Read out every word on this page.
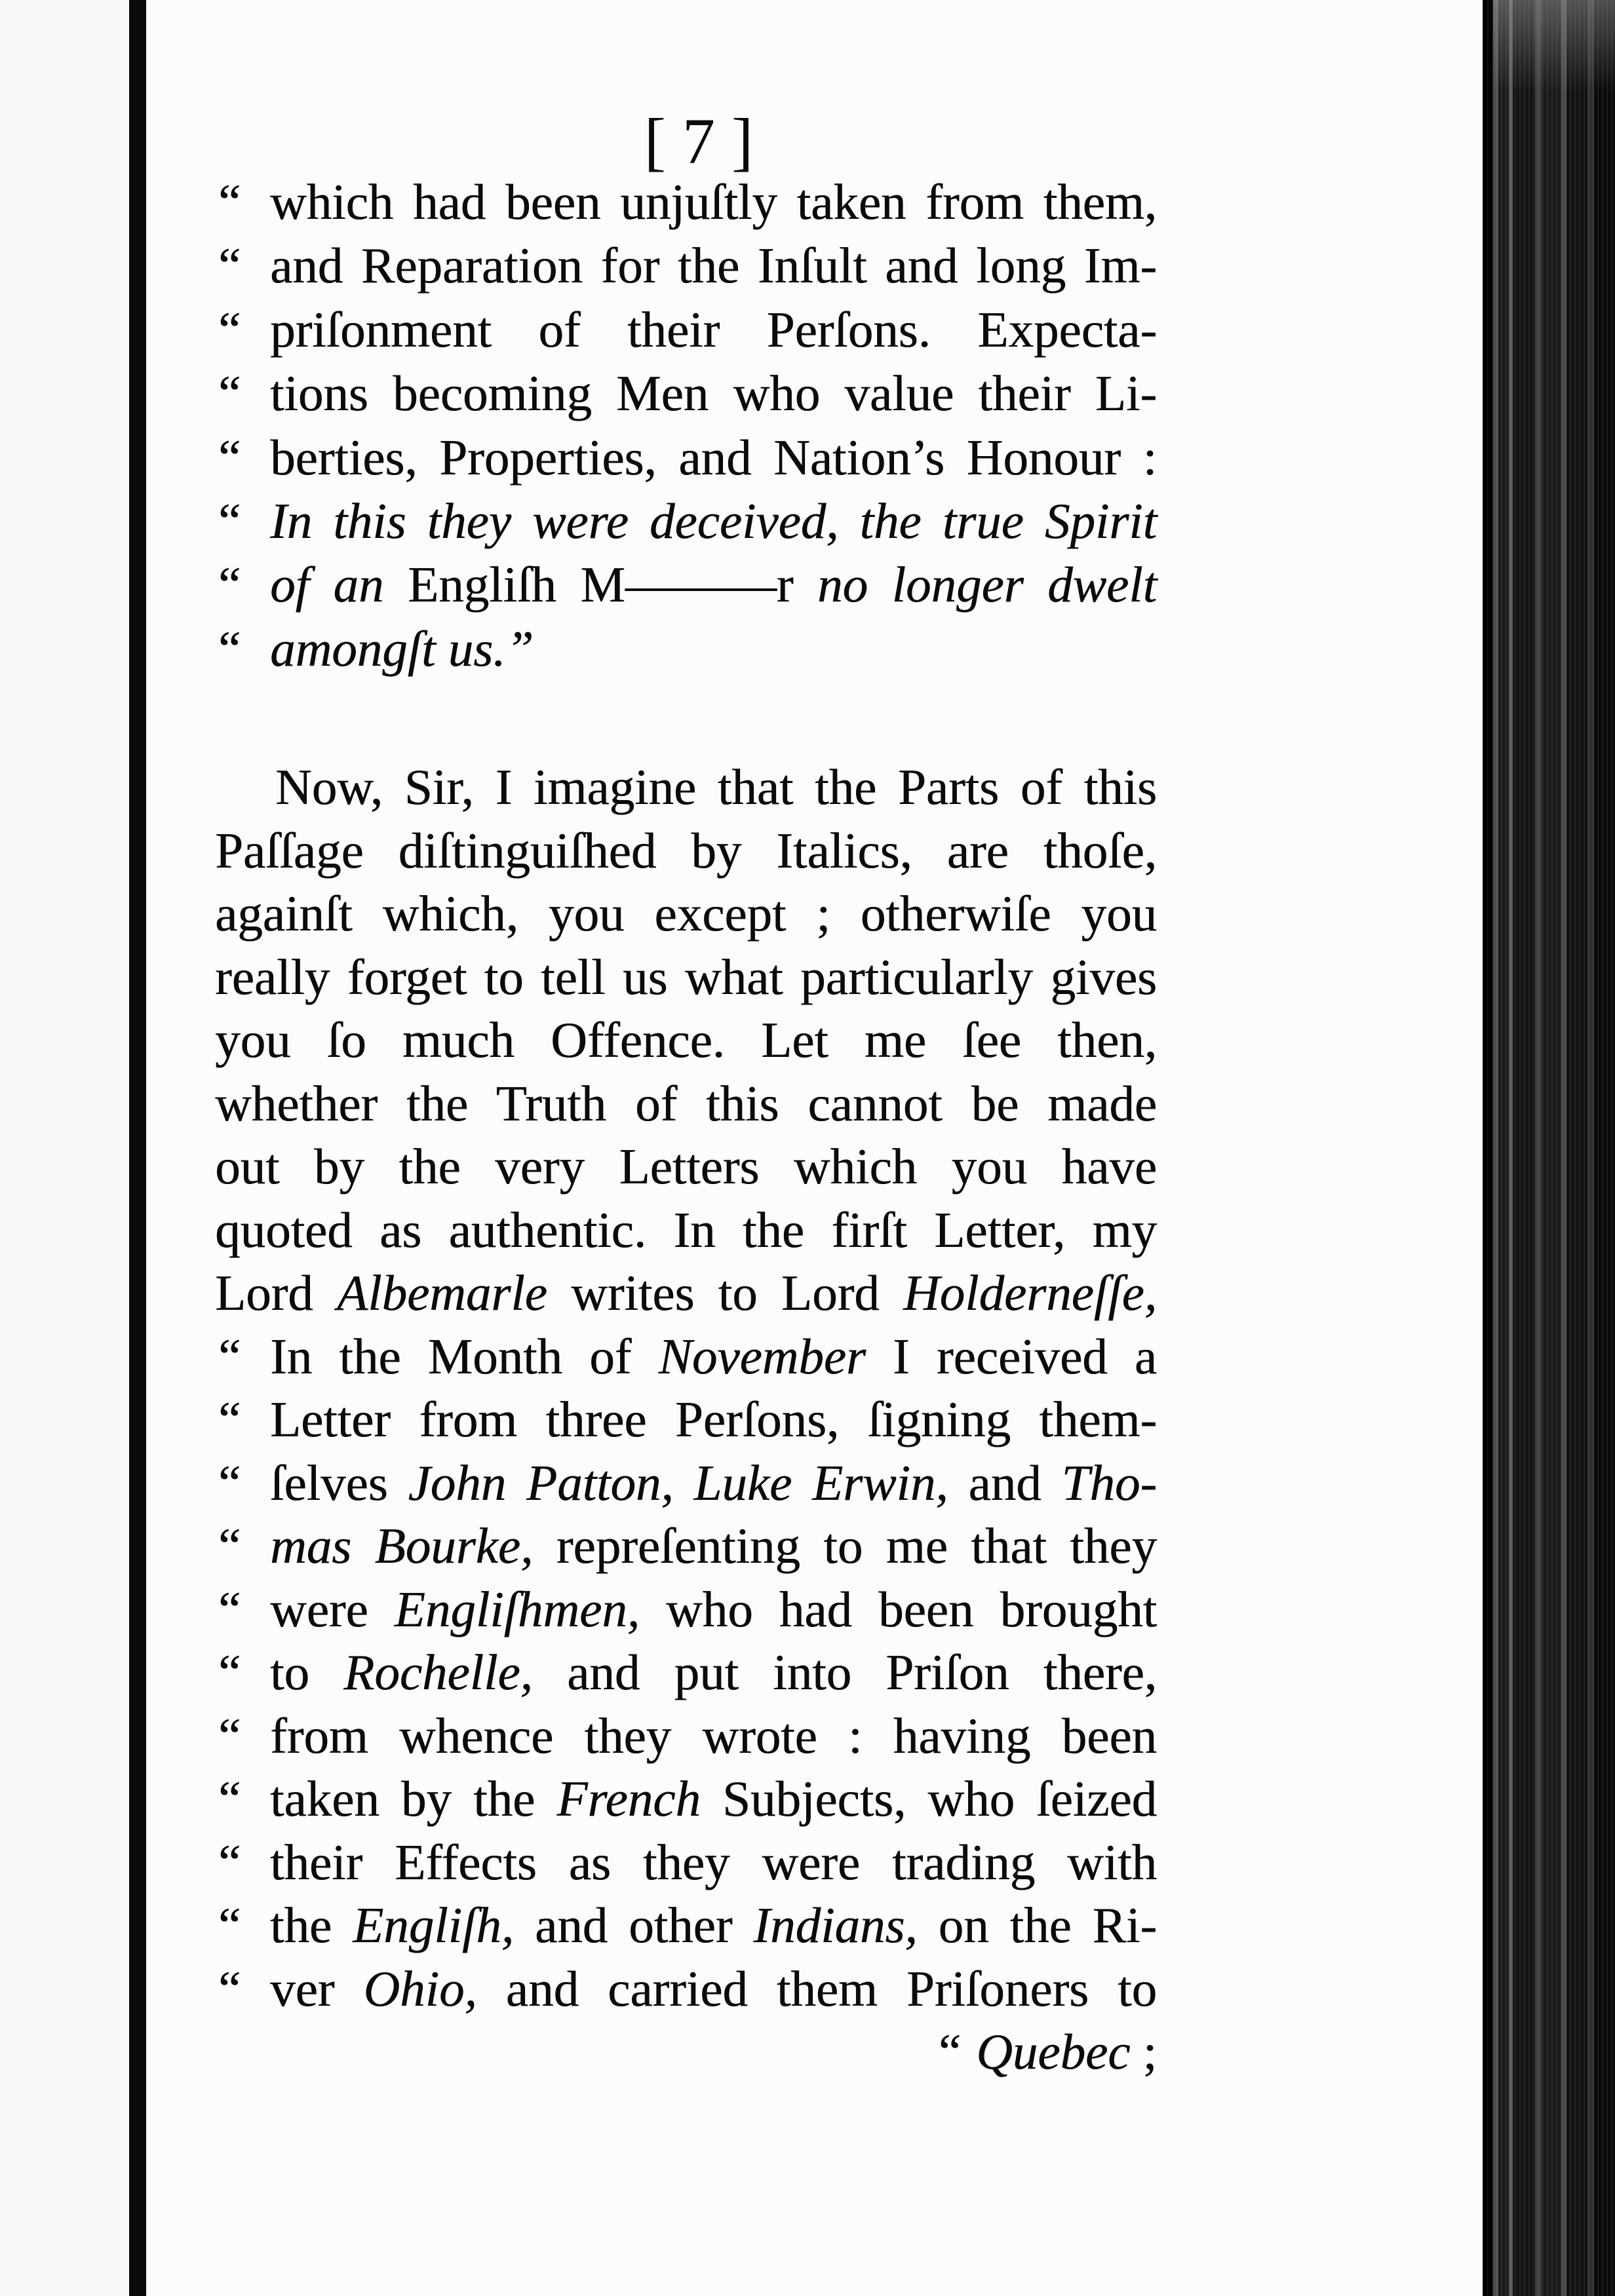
[ 7 ]
“ which had been unjuſtly taken from them,
“ and Reparation for the Inſult and long Im-
“ priſonment of their Perſons. Expecta-
“ tions becoming Men who value their Li-
“ berties, Properties, and Nation’s Honour :
“ In this they were deceived, the true Spirit
“ of an Engliſh M———r no longer dwelt
“ amongſt us.”
Now, Sir, I imagine that the Parts of this
Paſſage diſtinguiſhed by Italics, are thoſe,
againſt which, you except ; otherwiſe you
really forget to tell us what particularly gives
you ſo much Offence. Let me ſee then,
whether the Truth of this cannot be made
out by the very Letters which you have
quoted as authentic. In the firſt Letter, my
Lord Albemarle writes to Lord Holderneſſe,
“ In the Month of November I received a
“ Letter from three Perſons, ſigning them-
“ ſelves John Patton, Luke Erwin, and Tho-
“ mas Bourke, repreſenting to me that they
“ were Engliſhmen, who had been brought
“ to Rochelle, and put into Priſon there,
“ from whence they wrote : having been
“ taken by the French Subjects, who ſeized
“ their Effects as they were trading with
“ the Engliſh, and other Indians, on the Ri-
“ ver Ohio, and carried them Priſoners to
“ Quebec ;
